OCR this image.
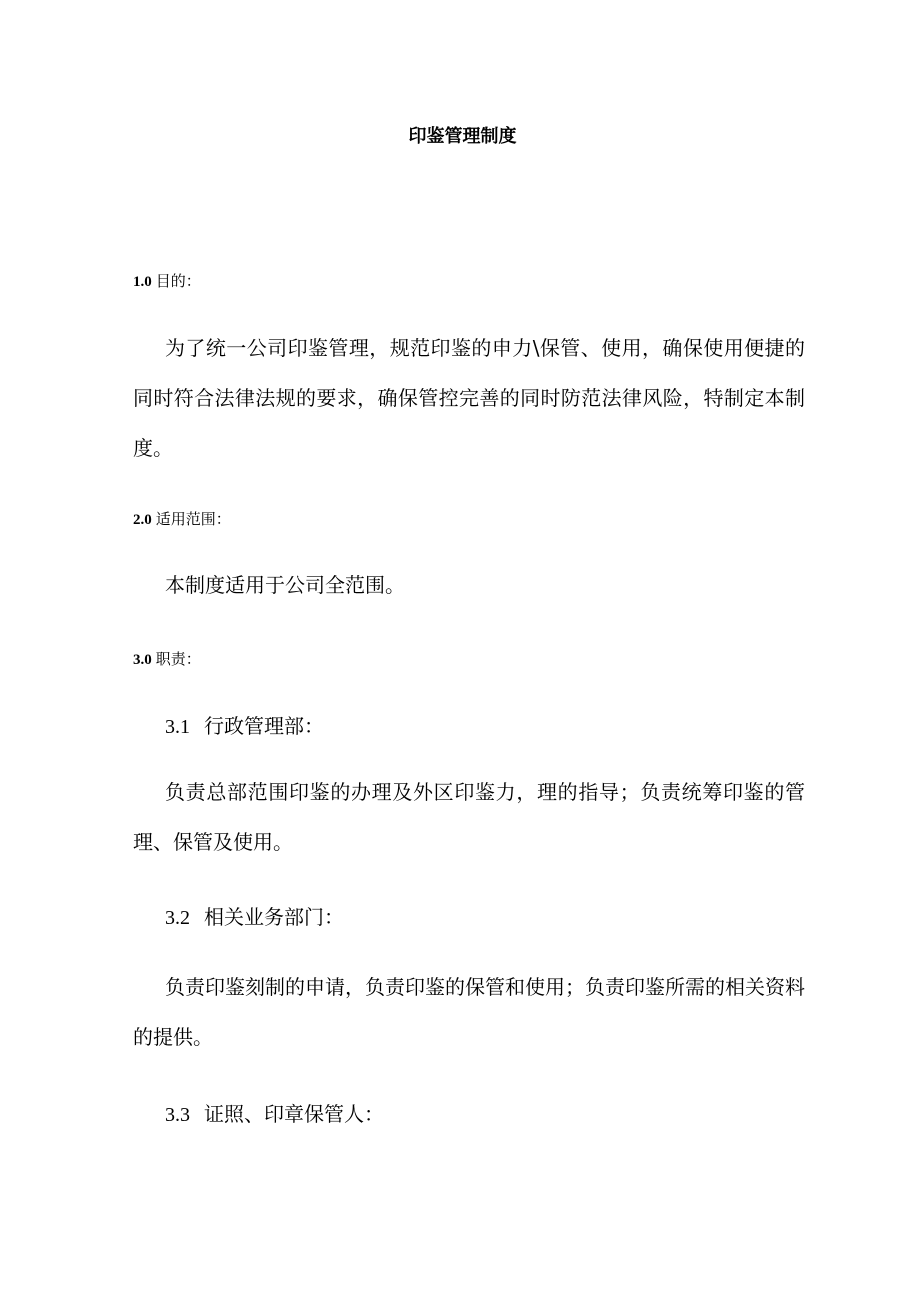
印鉴管理制度
1.0 目的：

为了统一公司印鉴管理，规范印鉴的申力\保管、使用，确保使用便捷的同时符合法律法规的要求，确保管控完善的同时防范法律风险，特制定本制度。

2.0 适用范围：

本制度适用于公司全范围。

3.0 职责：
3.1 行政管理部：

负责总部范围印鉴的办理及外区印鉴力，理的指导；负责统筹印鉴的管理、保管及使用。

3.2 相关业务部门：

负责印鉴刻制的申请，负责印鉴的保管和使用；负责印鉴所需的相关资料的提供。

3.3 证照、印章保管人：
